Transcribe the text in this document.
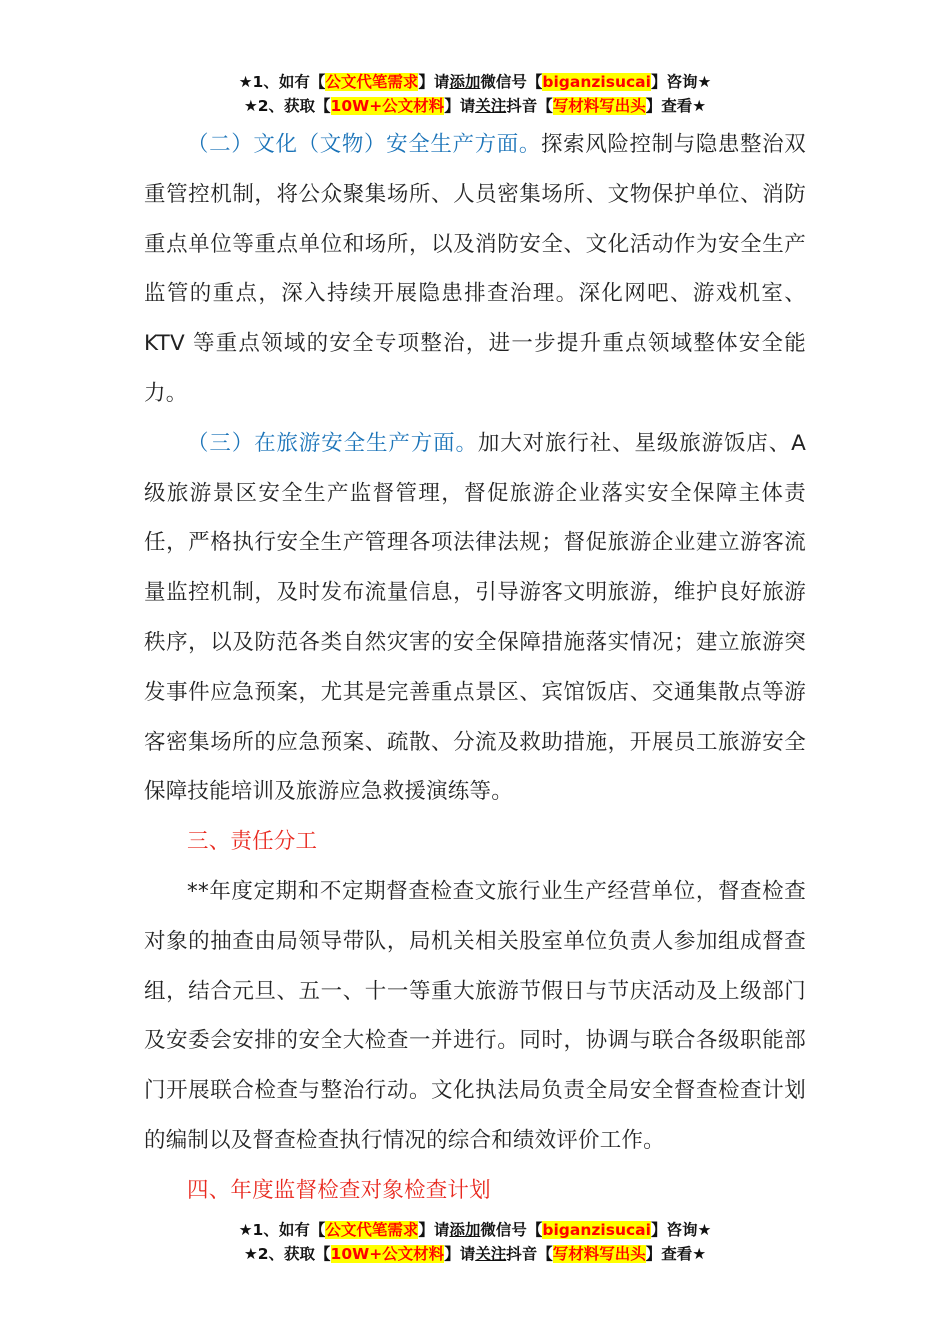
★1、如有【公文代笔需求】请添加微信号【biganzisucai】咨询★
★2、获取【10W+公文材料】请关注抖音【写材料写出头】查看★

（二）文化（文物）安全生产方面。探索风险控制与隐患整治双重管控机制，将公众聚集场所、人员密集场所、文物保护单位、消防重点单位等重点单位和场所，以及消防安全、文化活动作为安全生产监管的重点，深入持续开展隐患排查治理。深化网吧、游戏机室、KTV 等重点领域的安全专项整治，进一步提升重点领域整体安全能力。

（三）在旅游安全生产方面。加大对旅行社、星级旅游饭店、A 级旅游景区安全生产监督管理，督促旅游企业落实安全保障主体责任，严格执行安全生产管理各项法律法规；督促旅游企业建立游客流量监控机制，及时发布流量信息，引导游客文明旅游，维护良好旅游秩序，以及防范各类自然灾害的安全保障措施落实情况；建立旅游突发事件应急预案，尤其是完善重点景区、宾馆饭店、交通集散点等游客密集场所的应急预案、疏散、分流及救助措施，开展员工旅游安全保障技能培训及旅游应急救援演练等。

三、责任分工

**年度定期和不定期督查检查文旅行业生产经营单位，督查检查对象的抽查由局领导带队，局机关相关股室单位负责人参加组成督查组，结合元旦、五一、十一等重大旅游节假日与节庆活动及上级部门及安委会安排的安全大检查一并进行。同时，协调与联合各级职能部门开展联合检查与整治行动。文化执法局负责全局安全督查检查计划的编制以及督查检查执行情况的综合和绩效评价工作。

四、年度监督检查对象检查计划

★1、如有【公文代笔需求】请添加微信号【biganzisucai】咨询★
★2、获取【10W+公文材料】请关注抖音【写材料写出头】查看★
